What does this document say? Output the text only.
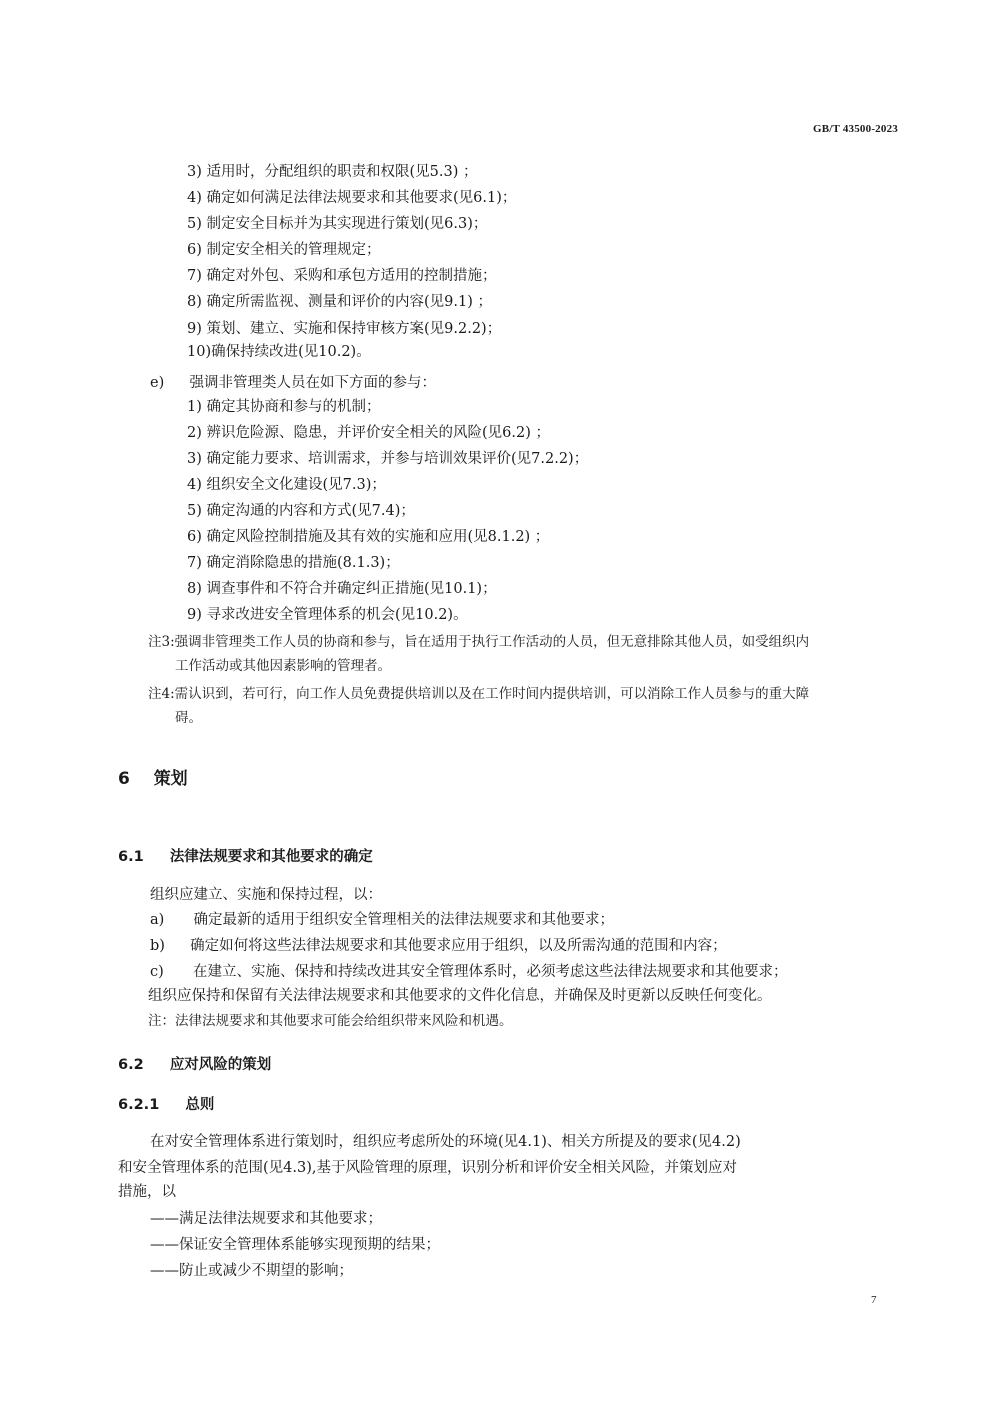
GB/T 43500-2023
3) 适用时，分配组织的职责和权限(见5.3) ；
4) 确定如何满足法律法规要求和其他要求(见6.1)；
5) 制定安全目标并为其实现进行策划(见6.3)；
6) 制定安全相关的管理规定；
7) 确定对外包、采购和承包方适用的控制措施；
8) 确定所需监视、测量和评价的内容(见9.1) ；
9) 策划、建立、实施和保持审核方案(见9.2.2)；
10)确保持续改进(见10.2)。
e) 强调非管理类人员在如下方面的参与：
1) 确定其协商和参与的机制；
2) 辨识危险源、隐患，并评价安全相关的风险(见6.2) ；
3) 确定能力要求、培训需求，并参与培训效果评价(见7.2.2)；
4) 组织安全文化建设(见7.3)；
5) 确定沟通的内容和方式(见7.4)；
6) 确定风险控制措施及其有效的实施和应用(见8.1.2) ；
7) 确定消除隐患的措施(8.1.3)；
8) 调查事件和不符合并确定纠正措施(见10.1)；
9) 寻求改进安全管理体系的机会(见10.2)。
注3:强调非管理类工作人员的协商和参与，旨在适用于执行工作活动的人员，但无意排除其他人员，如受组织内
工作活动或其他因素影响的管理者。
注4:需认识到，若可行，向工作人员免费提供培训以及在工作时间内提供培训，可以消除工作人员参与的重大障
碍。
6 策划
6.1 法律法规要求和其他要求的确定
组织应建立、实施和保持过程，以：
a) 确定最新的适用于组织安全管理相关的法律法规要求和其他要求；
b) 确定如何将这些法律法规要求和其他要求应用于组织，以及所需沟通的范围和内容；
c) 在建立、实施、保持和持续改进其安全管理体系时，必须考虑这些法律法规要求和其他要求；
组织应保持和保留有关法律法规要求和其他要求的文件化信息，并确保及时更新以反映任何变化。
注：法律法规要求和其他要求可能会给组织带来风险和机遇。
6.2 应对风险的策划
6.2.1 总则
在对安全管理体系进行策划时，组织应考虑所处的环境(见4.1)、相关方所提及的要求(见4.2)
和安全管理体系的范围(见4.3),基于风险管理的原理，识别分析和评价安全相关风险，并策划应对
措施，以
——满足法律法规要求和其他要求；
——保证安全管理体系能够实现预期的结果；
——防止或减少不期望的影响；
7
